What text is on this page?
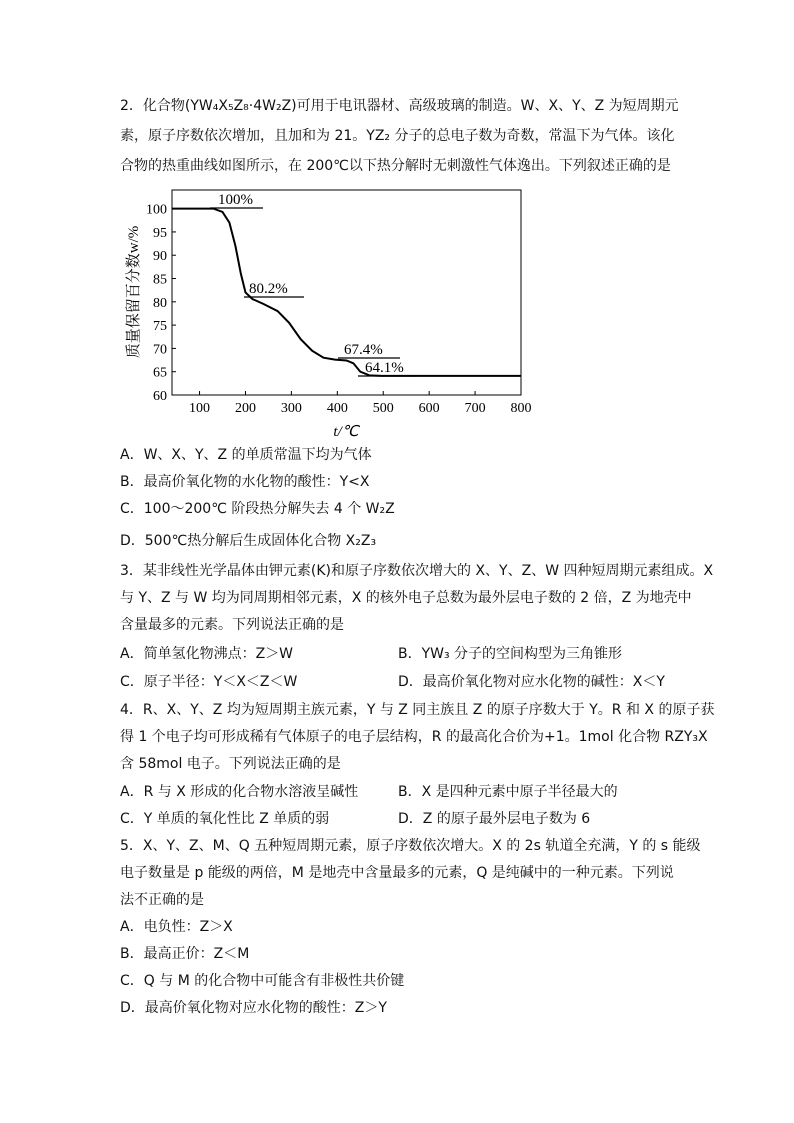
2．化合物(YW₄X₅Z₈·4W₂Z)可用于电讯器材、高级玻璃的制造。W、X、Y、Z 为短周期元
素，原子序数依次增加，且加和为 21。YZ₂ 分子的总电子数为奇数，常温下为气体。该化
合物的热重曲线如图所示，在 200℃以下热分解时无刺激性气体逸出。下列叙述正确的是
100 200 300 400 500 600 700 800
100
95
90
85
80
75
70
65
60
100%
80.2%
67.4%
64.1%
t/℃
质量保留百分数w/%
A．W、X、Y、Z 的单质常温下均为气体
B．最高价氧化物的水化物的酸性：Y<X
C．100～200℃ 阶段热分解失去 4 个 W₂Z
D．500℃热分解后生成固体化合物 X₂Z₃
3．某非线性光学晶体由钾元素(K)和原子序数依次增大的 X、Y、Z、W 四种短周期元素组成。X
与 Y、Z 与 W 均为同周期相邻元素，X 的核外电子总数为最外层电子数的 2 倍，Z 为地壳中
含量最多的元素。下列说法正确的是
A．简单氢化物沸点：Z＞W	B．YW₃ 分子的空间构型为三角锥形
C．原子半径：Y＜X＜Z＜W	D．最高价氧化物对应水化物的碱性：X＜Y
4．R、X、Y、Z 均为短周期主族元素，Y 与 Z 同主族且 Z 的原子序数大于 Y。R 和 X 的原子获
得 1 个电子均可形成稀有气体原子的电子层结构，R 的最高化合价为+1。1mol 化合物 RZY₃X
含 58mol 电子。下列说法正确的是
A．R 与 X 形成的化合物水溶液呈碱性	B．X 是四种元素中原子半径最大的
C．Y 单质的氧化性比 Z 单质的弱	D．Z 的原子最外层电子数为 6
5．X、Y、Z、M、Q 五种短周期元素，原子序数依次增大。X 的 2s 轨道全充满，Y 的 s 能级
电子数量是 p 能级的两倍，M 是地壳中含量最多的元素，Q 是纯碱中的一种元素。下列说
法不正确的是
A．电负性：Z＞X
B．最高正价：Z＜M
C．Q 与 M 的化合物中可能含有非极性共价键
D．最高价氧化物对应水化物的酸性：Z＞Y
